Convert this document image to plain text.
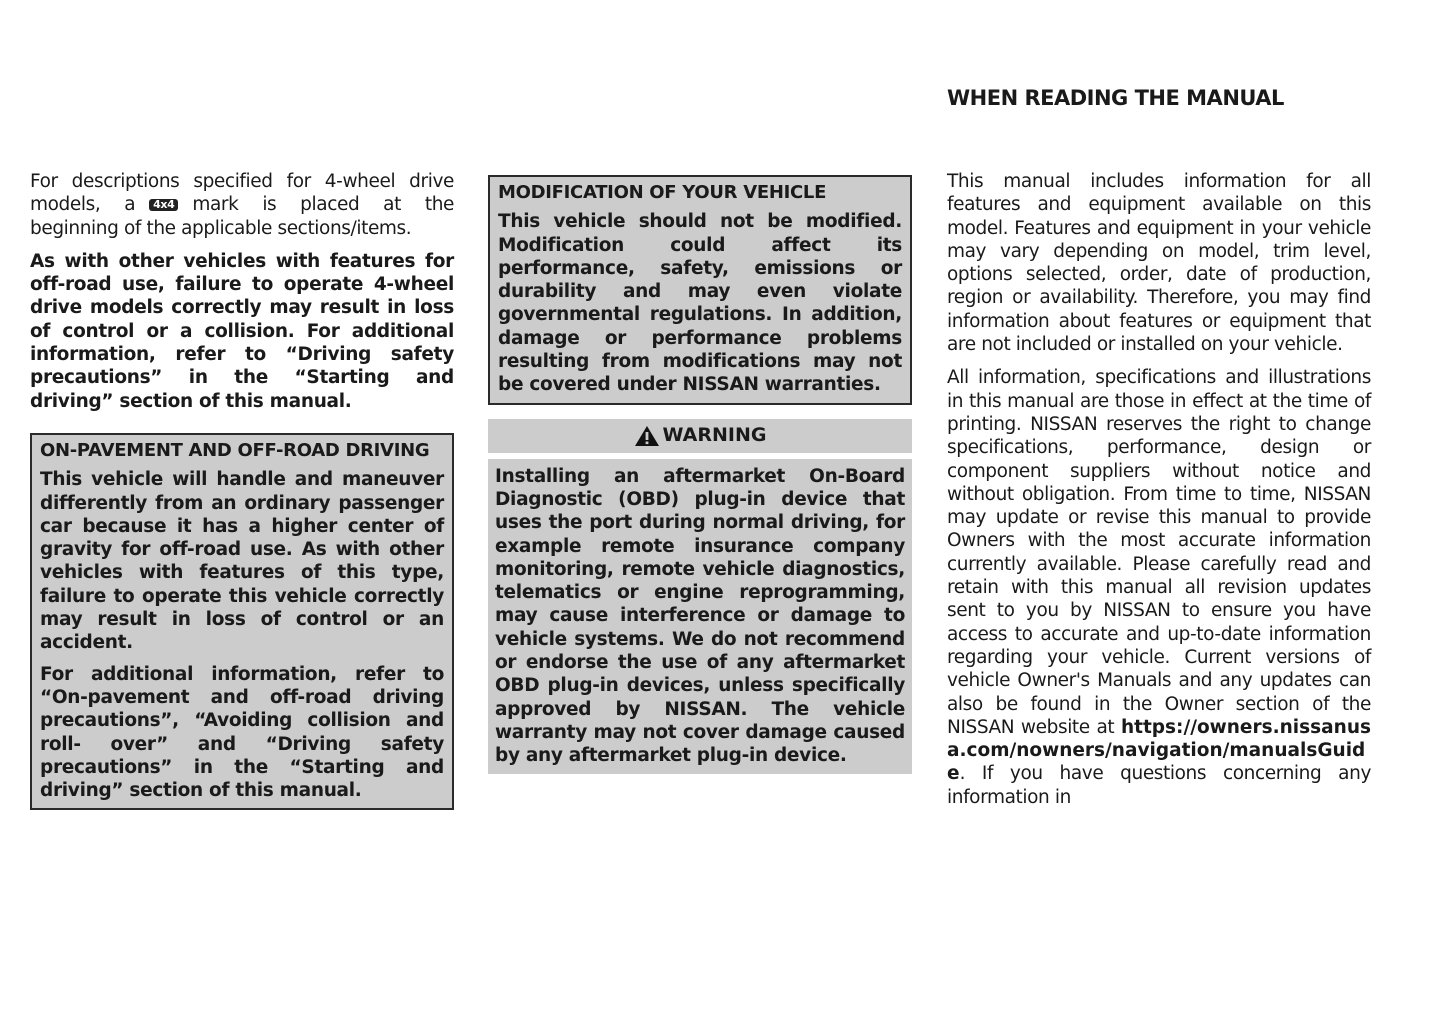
WHEN READING THE MANUAL

For descriptions specified for 4-wheel drive models, a 4x4 mark is placed at the beginning of the applicable sections/items.

As with other vehicles with features for off-road use, failure to operate 4-wheel drive models correctly may result in loss of control or a collision. For additional information, refer to “Driving safety precautions” in the “Starting and driving” section of this manual.

ON-PAVEMENT AND OFF-ROAD DRIVING

This vehicle will handle and maneuver differently from an ordinary passenger car because it has a higher center of gravity for off-road use. As with other vehicles with features of this type, failure to operate this vehicle correctly may result in loss of control or an accident.

For additional information, refer to “On-pavement and off-road driving precautions”, “Avoiding collision and roll- over” and “Driving safety precautions” in the “Starting and driving” section of this manual.

MODIFICATION OF YOUR VEHICLE

This vehicle should not be modified. Modification could affect its performance, safety, emissions or durability and may even violate governmental regulations. In addition, damage or performance problems resulting from modifications may not be covered under NISSAN warranties.

WARNING
Installing an aftermarket On-Board Diagnostic (OBD) plug-in device that uses the port during normal driving, for example remote insurance company monitoring, remote vehicle diagnostics, telematics or engine reprogramming, may cause interference or damage to vehicle systems. We do not recommend or endorse the use of any aftermarket OBD plug-in devices, unless specifically approved by NISSAN. The vehicle warranty may not cover damage caused by any aftermarket plug-in device.

This manual includes information for all features and equipment available on this model. Features and equipment in your vehicle may vary depending on model, trim level, options selected, order, date of production, region or availability. Therefore, you may find information about features or equipment that are not included or installed on your vehicle.

All information, specifications and illustrations in this manual are those in effect at the time of printing. NISSAN reserves the right to change specifications, performance, design or component suppliers without notice and without obligation. From time to time, NISSAN may update or revise this manual to provide Owners with the most accurate information currently available. Please carefully read and retain with this manual all revision updates sent to you by NISSAN to ensure you have access to accurate and up-to-date information regarding your vehicle. Current versions of vehicle Owner's Manuals and any updates can also be found in the Owner section of the NISSAN website at https://owners.nissanusa.com/nowners/navigation/manualsGuide. If you have questions concerning any information in
